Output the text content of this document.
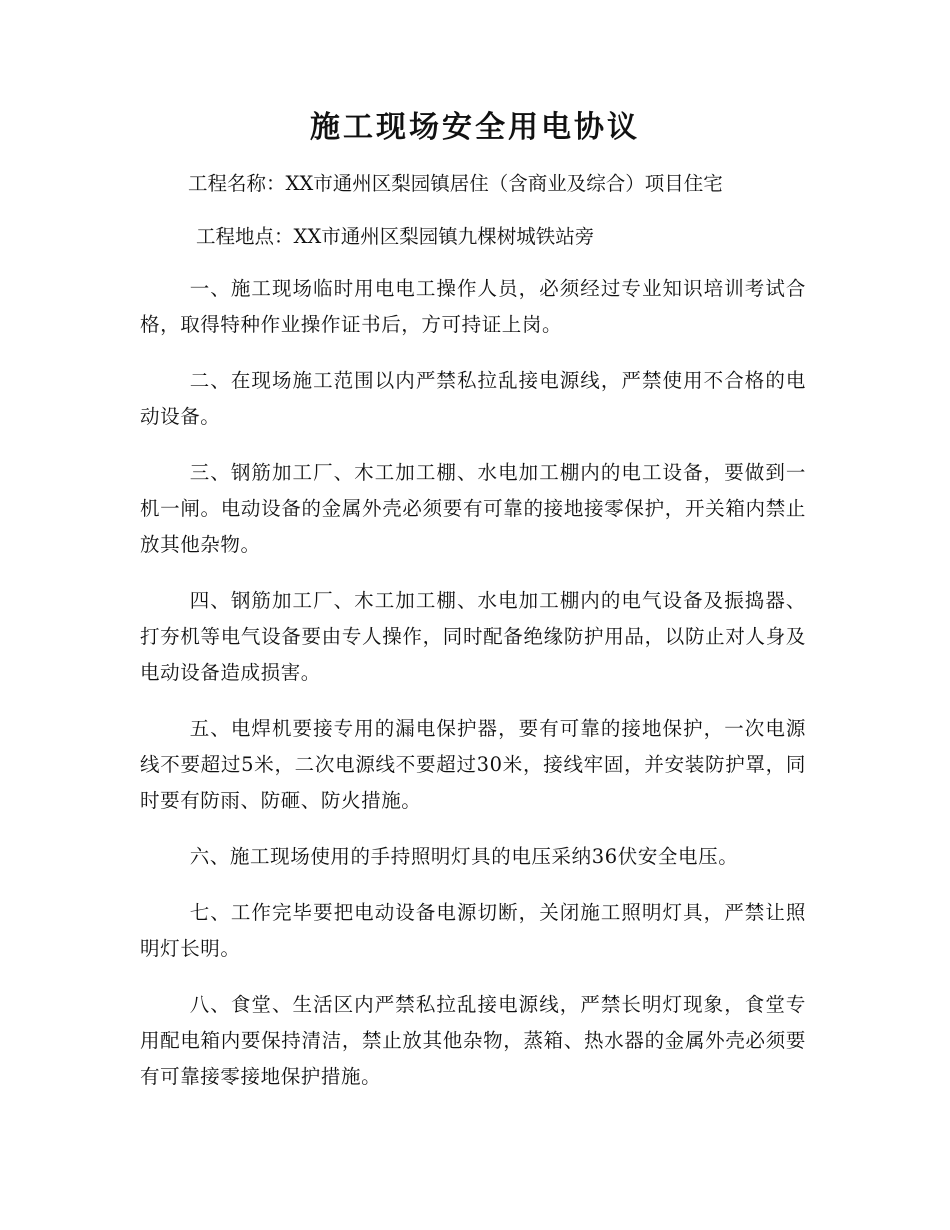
施工现场安全用电协议

工程名称：XX市通州区梨园镇居住（含商业及综合）项目住宅

工程地点：XX市通州区梨园镇九棵树城铁站旁

一、施工现场临时用电电工操作人员，必须经过专业知识培训考试合格，取得特种作业操作证书后，方可持证上岗。

二、在现场施工范围以内严禁私拉乱接电源线，严禁使用不合格的电动设备。

三、钢筋加工厂、木工加工棚、水电加工棚内的电工设备，要做到一机一闸。电动设备的金属外壳必须要有可靠的接地接零保护，开关箱内禁止放其他杂物。

四、钢筋加工厂、木工加工棚、水电加工棚内的电气设备及振捣器、打夯机等电气设备要由专人操作，同时配备绝缘防护用品，以防止对人身及电动设备造成损害。

五、电焊机要接专用的漏电保护器，要有可靠的接地保护，一次电源线不要超过5米，二次电源线不要超过30米，接线牢固，并安装防护罩，同时要有防雨、防砸、防火措施。

六、施工现场使用的手持照明灯具的电压采纳36伏安全电压。

七、工作完毕要把电动设备电源切断，关闭施工照明灯具，严禁让照明灯长明。

八、食堂、生活区内严禁私拉乱接电源线，严禁长明灯现象，食堂专用配电箱内要保持清洁，禁止放其他杂物，蒸箱、热水器的金属外壳必须要有可靠接零接地保护措施。
